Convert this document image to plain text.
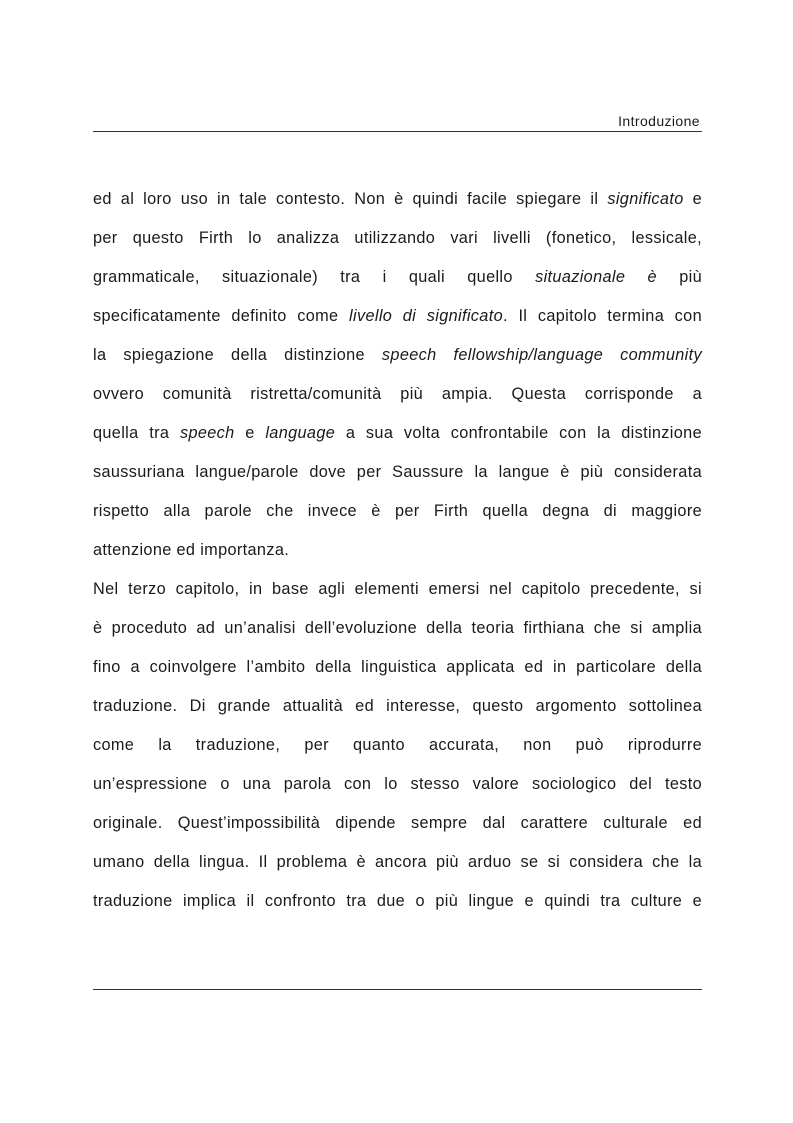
Introduzione
ed al loro uso in tale contesto. Non è quindi facile spiegare il significato e
per questo Firth lo analizza utilizzando vari livelli (fonetico, lessicale,
grammaticale, situazionale) tra i quali quello situazionale è più
specificatamente definito come livello di significato. Il capitolo termina con
la spiegazione della distinzione speech fellowship/language community
ovvero comunità ristretta/comunità più ampia. Questa corrisponde a
quella tra speech e language a sua volta confrontabile con la distinzione
saussuriana langue/parole dove per Saussure la langue è più considerata
rispetto alla parole che invece è per Firth quella degna di maggiore
attenzione ed importanza.
Nel terzo capitolo, in base agli elementi emersi nel capitolo precedente, si
è proceduto ad un’analisi dell’evoluzione della teoria firthiana che si amplia
fino a coinvolgere l’ambito della linguistica applicata ed in particolare della
traduzione. Di grande attualità ed interesse, questo argomento sottolinea
come la traduzione, per quanto accurata, non può riprodurre
un’espressione o una parola con lo stesso valore sociologico del testo
originale. Quest’impossibilità dipende sempre dal carattere culturale ed
umano della lingua. Il problema è ancora più arduo se si considera che la
traduzione implica il confronto tra due o più lingue e quindi tra culture e
